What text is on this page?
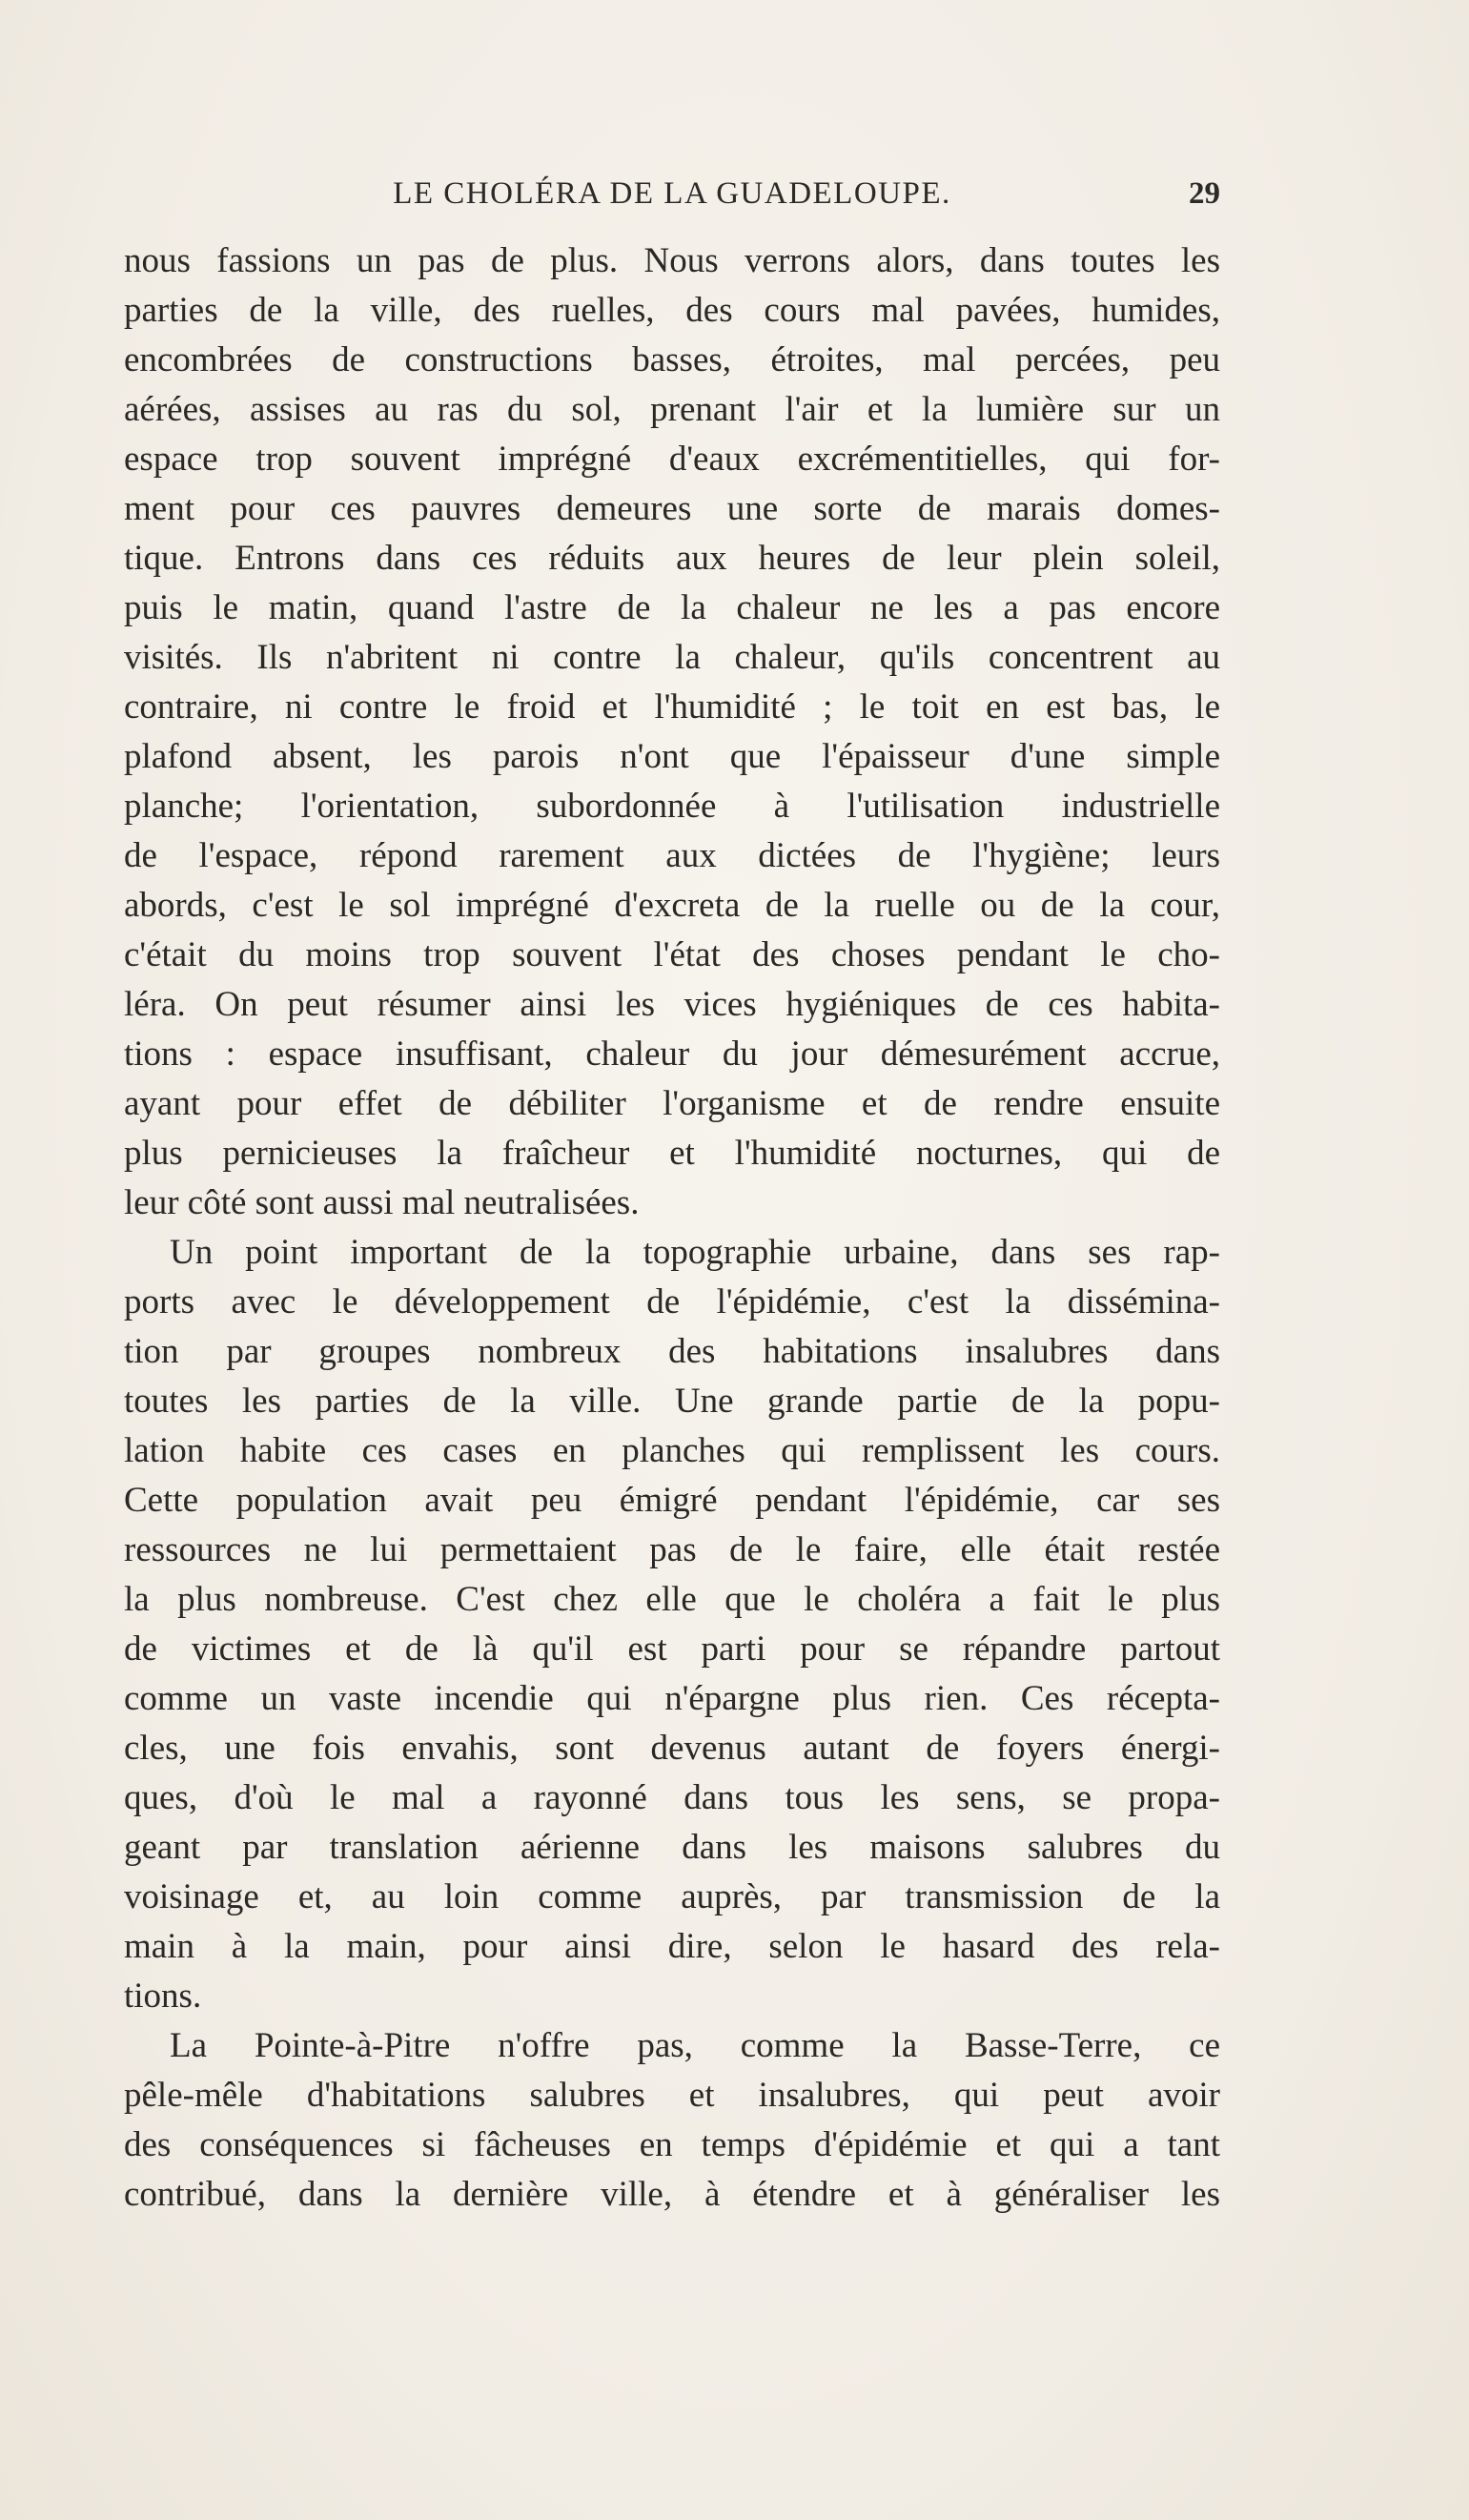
LE CHOLÉRA DE LA GUADELOUPE.	29
nous fassions un pas de plus. Nous verrons alors, dans toutes les
parties de la ville, des ruelles, des cours mal pavées, humides,
encombrées de constructions basses, étroites, mal percées, peu
aérées, assises au ras du sol, prenant l'air et la lumière sur un
espace trop souvent imprégné d'eaux excrémentitielles, qui for-
ment pour ces pauvres demeures une sorte de marais domes-
tique. Entrons dans ces réduits aux heures de leur plein soleil,
puis le matin, quand l'astre de la chaleur ne les a pas encore
visités. Ils n'abritent ni contre la chaleur, qu'ils concentrent au
contraire, ni contre le froid et l'humidité ; le toit en est bas, le
plafond absent, les parois n'ont que l'épaisseur d'une simple
planche; l'orientation, subordonnée à l'utilisation industrielle
de l'espace, répond rarement aux dictées de l'hygiène; leurs
abords, c'est le sol imprégné d'excreta de la ruelle ou de la cour,
c'était du moins trop souvent l'état des choses pendant le cho-
léra. On peut résumer ainsi les vices hygiéniques de ces habita-
tions : espace insuffisant, chaleur du jour démesurément accrue,
ayant pour effet de débiliter l'organisme et de rendre ensuite
plus pernicieuses la fraîcheur et l'humidité nocturnes, qui de
leur côté sont aussi mal neutralisées.
Un point important de la topographie urbaine, dans ses rap-
ports avec le développement de l'épidémie, c'est la dissémina-
tion par groupes nombreux des habitations insalubres dans
toutes les parties de la ville. Une grande partie de la popu-
lation habite ces cases en planches qui remplissent les cours.
Cette population avait peu émigré pendant l'épidémie, car ses
ressources ne lui permettaient pas de le faire, elle était restée
la plus nombreuse. C'est chez elle que le choléra a fait le plus
de victimes et de là qu'il est parti pour se répandre partout
comme un vaste incendie qui n'épargne plus rien. Ces récepta-
cles, une fois envahis, sont devenus autant de foyers énergi-
ques, d'où le mal a rayonné dans tous les sens, se propa-
geant par translation aérienne dans les maisons salubres du
voisinage et, au loin comme auprès, par transmission de la
main à la main, pour ainsi dire, selon le hasard des rela-
tions.
La Pointe-à-Pitre n'offre pas, comme la Basse-Terre, ce
pêle-mêle d'habitations salubres et insalubres, qui peut avoir
des conséquences si fâcheuses en temps d'épidémie et qui a tant
contribué, dans la dernière ville, à étendre et à généraliser les
